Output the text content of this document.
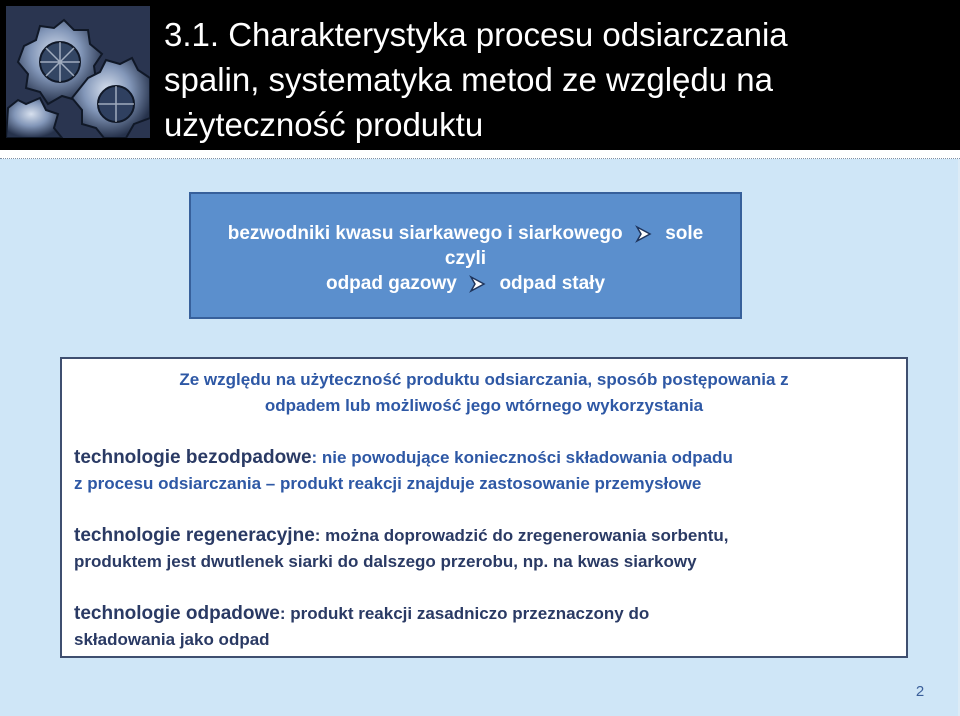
3.1. Charakterystyka procesu odsiarczania
spalin, systematyka metod ze względu na
użyteczność produktu
bezwodniki kwasu siarkawego i siarkowego sole
czyli
odpad gazowy odpad stały
Ze względu na użyteczność produktu odsiarczania, sposób postępowania z
odpadem lub możliwość jego wtórnego wykorzystania
technologie bezodpadowe: nie powodujące konieczności składowania odpadu
z procesu odsiarczania – produkt reakcji znajduje zastosowanie przemysłowe
technologie regeneracyjne: można doprowadzić do zregenerowania sorbentu,
produktem jest dwutlenek siarki do dalszego przerobu, np. na kwas siarkowy
technologie odpadowe: produkt reakcji zasadniczo przeznaczony do
składowania jako odpad
2
